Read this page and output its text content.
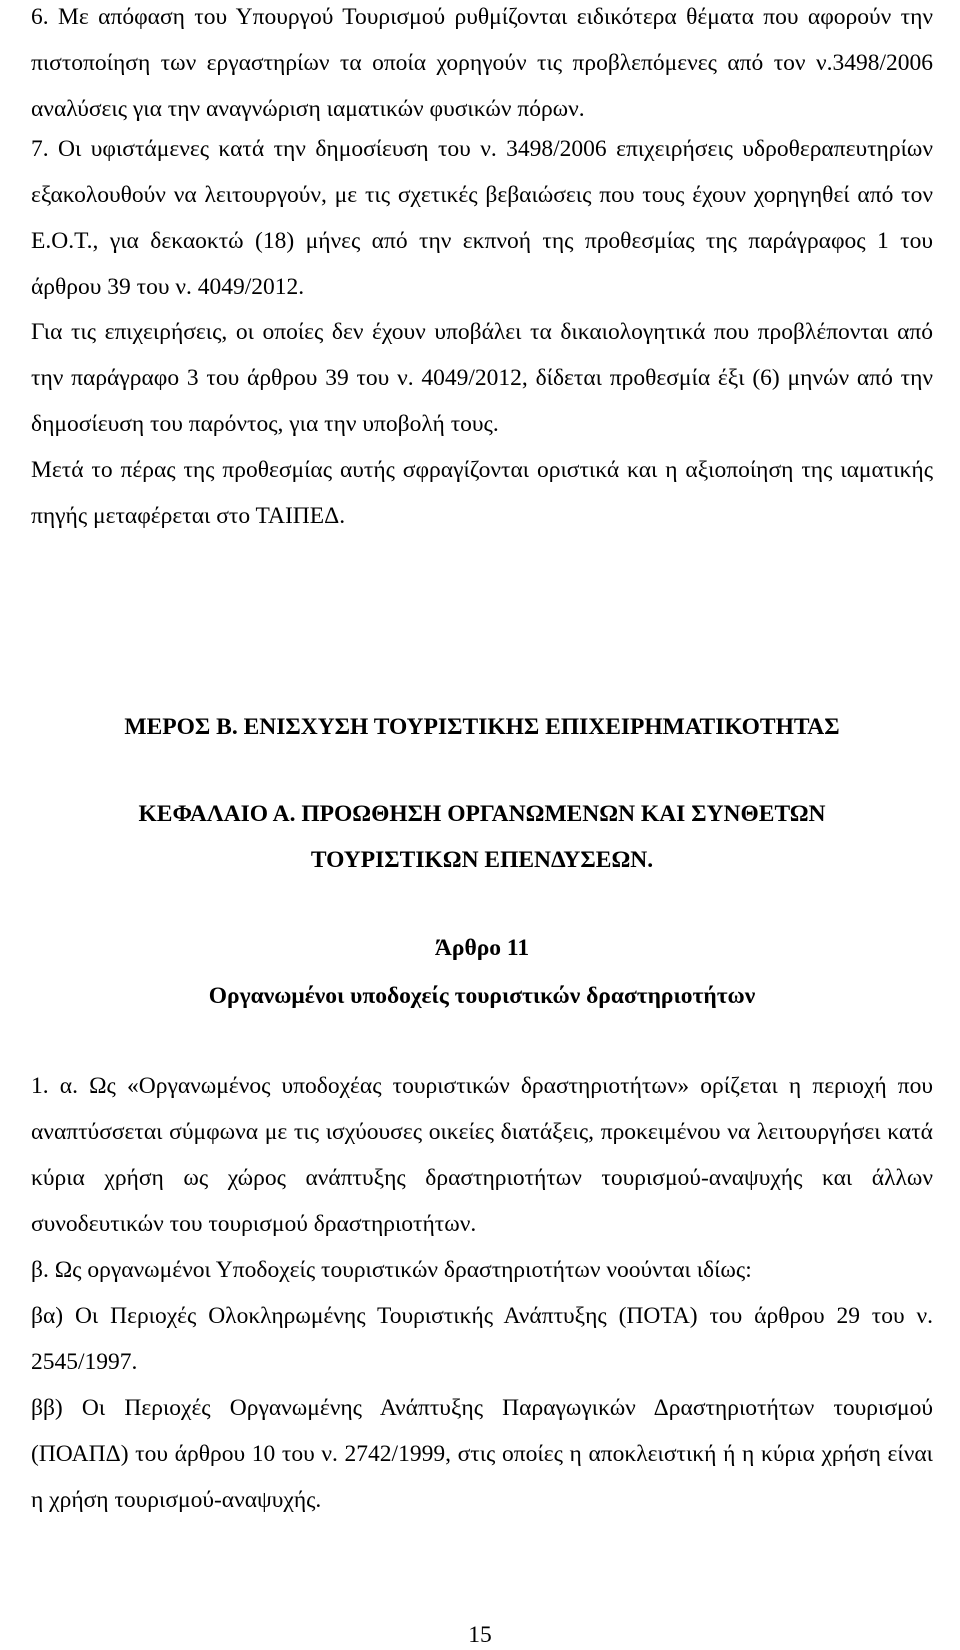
6. Με απόφαση του Υπουργού Τουρισμού ρυθμίζονται ειδικότερα θέματα που αφορούν την πιστοποίηση των εργαστηρίων τα οποία χορηγούν τις προβλεπόμενες από τον ν.3498/2006 αναλύσεις για την αναγνώριση ιαματικών φυσικών πόρων.

7. Οι υφιστάμενες κατά την δημοσίευση του ν. 3498/2006 επιχειρήσεις υδροθεραπευτηρίων εξακολουθούν να λειτουργούν, με τις σχετικές βεβαιώσεις που τους έχουν χορηγηθεί από τον Ε.Ο.Τ., για δεκαοκτώ (18) μήνες από την εκπνοή της προθεσμίας της παράγραφος 1 του άρθρου 39 του ν. 4049/2012.

Για τις επιχειρήσεις, οι οποίες δεν έχουν υποβάλει τα δικαιολογητικά που προβλέπονται από την παράγραφο 3 του άρθρου 39 του ν. 4049/2012, δίδεται προθεσμία έξι (6) μηνών από την δημοσίευση του παρόντος, για την υποβολή τους.

Μετά το πέρας της προθεσμίας αυτής σφραγίζονται οριστικά και η αξιοποίηση της ιαματικής πηγής μεταφέρεται στο ΤΑΙΠΕΔ.

ΜΕΡΟΣ Β. ΕΝΙΣΧΥΣΗ ΤΟΥΡΙΣΤΙΚΗΣ ΕΠΙΧΕΙΡΗΜΑΤΙΚΟΤΗΤΑΣ
ΚΕΦΑΛΑΙΟ Α. ΠΡΟΩΘΗΣΗ ΟΡΓΑΝΩΜΕΝΩΝ ΚΑΙ ΣΥΝΘΕΤΩΝ
ΤΟΥΡΙΣΤΙΚΩΝ ΕΠΕΝΔΥΣΕΩΝ.
Άρθρο 11
Οργανωμένοι υποδοχείς τουριστικών δραστηριοτήτων

1. α. Ως «Οργανωμένος υποδοχέας τουριστικών δραστηριοτήτων» ορίζεται η περιοχή που αναπτύσσεται σύμφωνα με τις ισχύουσες οικείες διατάξεις, προκειμένου να λειτουργήσει κατά κύρια χρήση ως χώρος ανάπτυξης δραστηριοτήτων τουρισμού-αναψυχής και άλλων συνοδευτικών του τουρισμού δραστηριοτήτων.

β. Ως οργανωμένοι Υποδοχείς τουριστικών δραστηριοτήτων νοούνται ιδίως:

βα) Οι Περιοχές Ολοκληρωμένης Τουριστικής Ανάπτυξης (ΠΟΤΑ) του άρθρου 29 του ν. 2545/1997.

ββ) Οι Περιοχές Οργανωμένης Ανάπτυξης Παραγωγικών Δραστηριοτήτων τουρισμού (ΠΟΑΠΔ) του άρθρου 10 του ν. 2742/1999, στις οποίες η αποκλειστική ή η κύρια χρήση είναι η χρήση τουρισμού-αναψυχής.

15
